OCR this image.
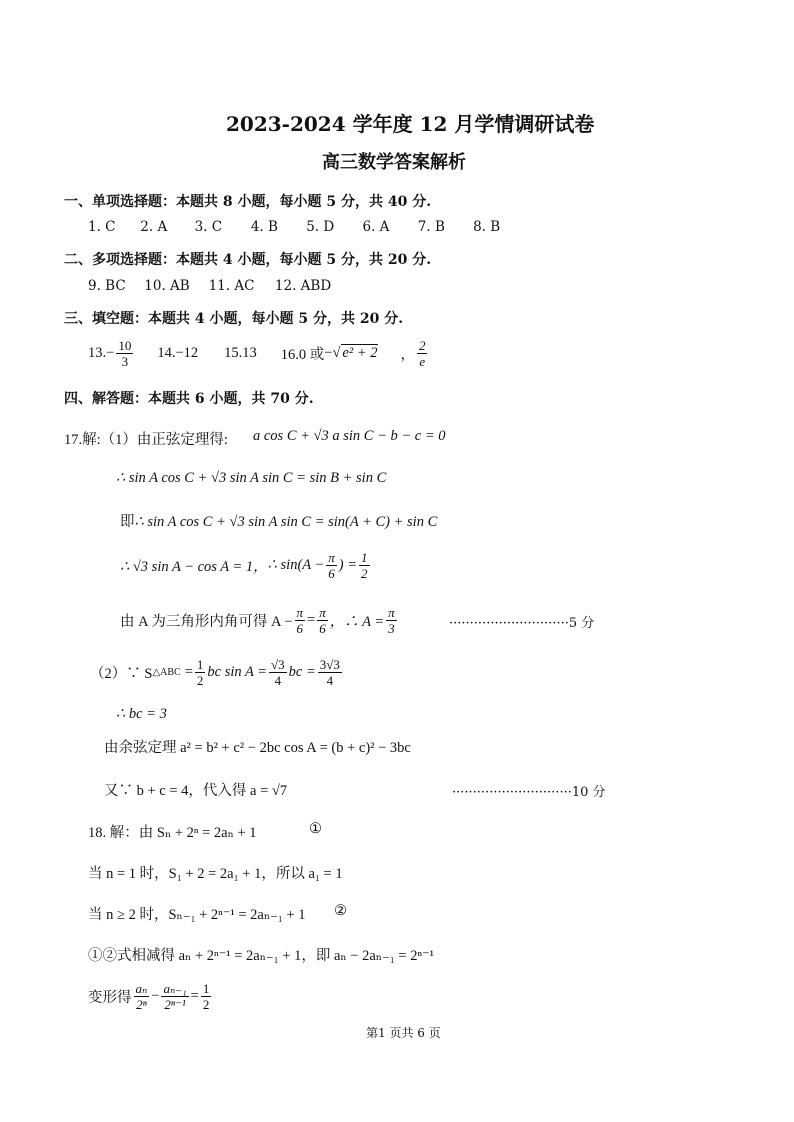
2023-2024 学年度 12 月学情调研试卷
高三数学答案解析
一、单项选择题：本题共 8 小题，每小题 5 分，共 40 分.
1. C 2. A 3. C 4. B 5. D 6. A 7. B 8. B
二、多项选择题：本题共 4 小题，每小题 5 分，共 20 分.
9. BC 10. AB 11. AC 12. ABD
三、填空题：本题共 4 小题，每小题 5 分，共 20 分.
13. − $\frac{10}{3} 14.-12$ 15.13 16.0 或 − √ e² + 2 ， $\frac{2}{e}$
四、解答题：本题共 6 小题，共 70 分.
17.解:（1）由正弦定理得: a cos C + √3 a sin C − b − c = 0
∴ sin A cos C + √3 sin A sin C = sin B + sin C
即∴ sin A cos C + √3 sin A sin C = sin(A + C) + sin C
∴ √3 sin A − cos A = 1， ∴ $\sin(A - \frac{\pi}{6}$ ) = $\frac{1}{2}$
由 A 为三角形内角可得 $A - \frac{\pi}{6} = \frac{\pi}{6}$ ，∴ $A = \frac{\pi}{3}$	·····························5 分
（2）∵ S △ABC = $\frac{1}{2}$ bc $\sin A = \frac{√3}{4}$ bc = $\frac{3√3}{4}$
∴ bc = 3
由余弦定理 a² = b² + c² − 2bc cos A = (b + c)² − 3bc
又∵ b + c = 4，代入得 a = √7	·····························10 分
18. 解：由 Sₙ + 2ⁿ = 2aₙ + 1	①
当 n = 1 时，S₁ + 2 = 2a₁ + 1，所以 a₁ = 1
当 n ≥ 2 时，Sₙ₋₁ + 2ⁿ⁻¹ = 2aₙ₋₁ + 1 ②
①②式相减得 aₙ + 2ⁿ⁻¹ = 2aₙ₋₁ + 1，即 aₙ − 2aₙ₋₁ = 2ⁿ⁻¹
变形得 $\frac{\text{aₙ}}{\text{2ⁿ}} - \frac{\text{aₙ₋₁}}{\text{2ⁿ⁻¹}} = \frac{1}{2}$
第1 页共 6 页
